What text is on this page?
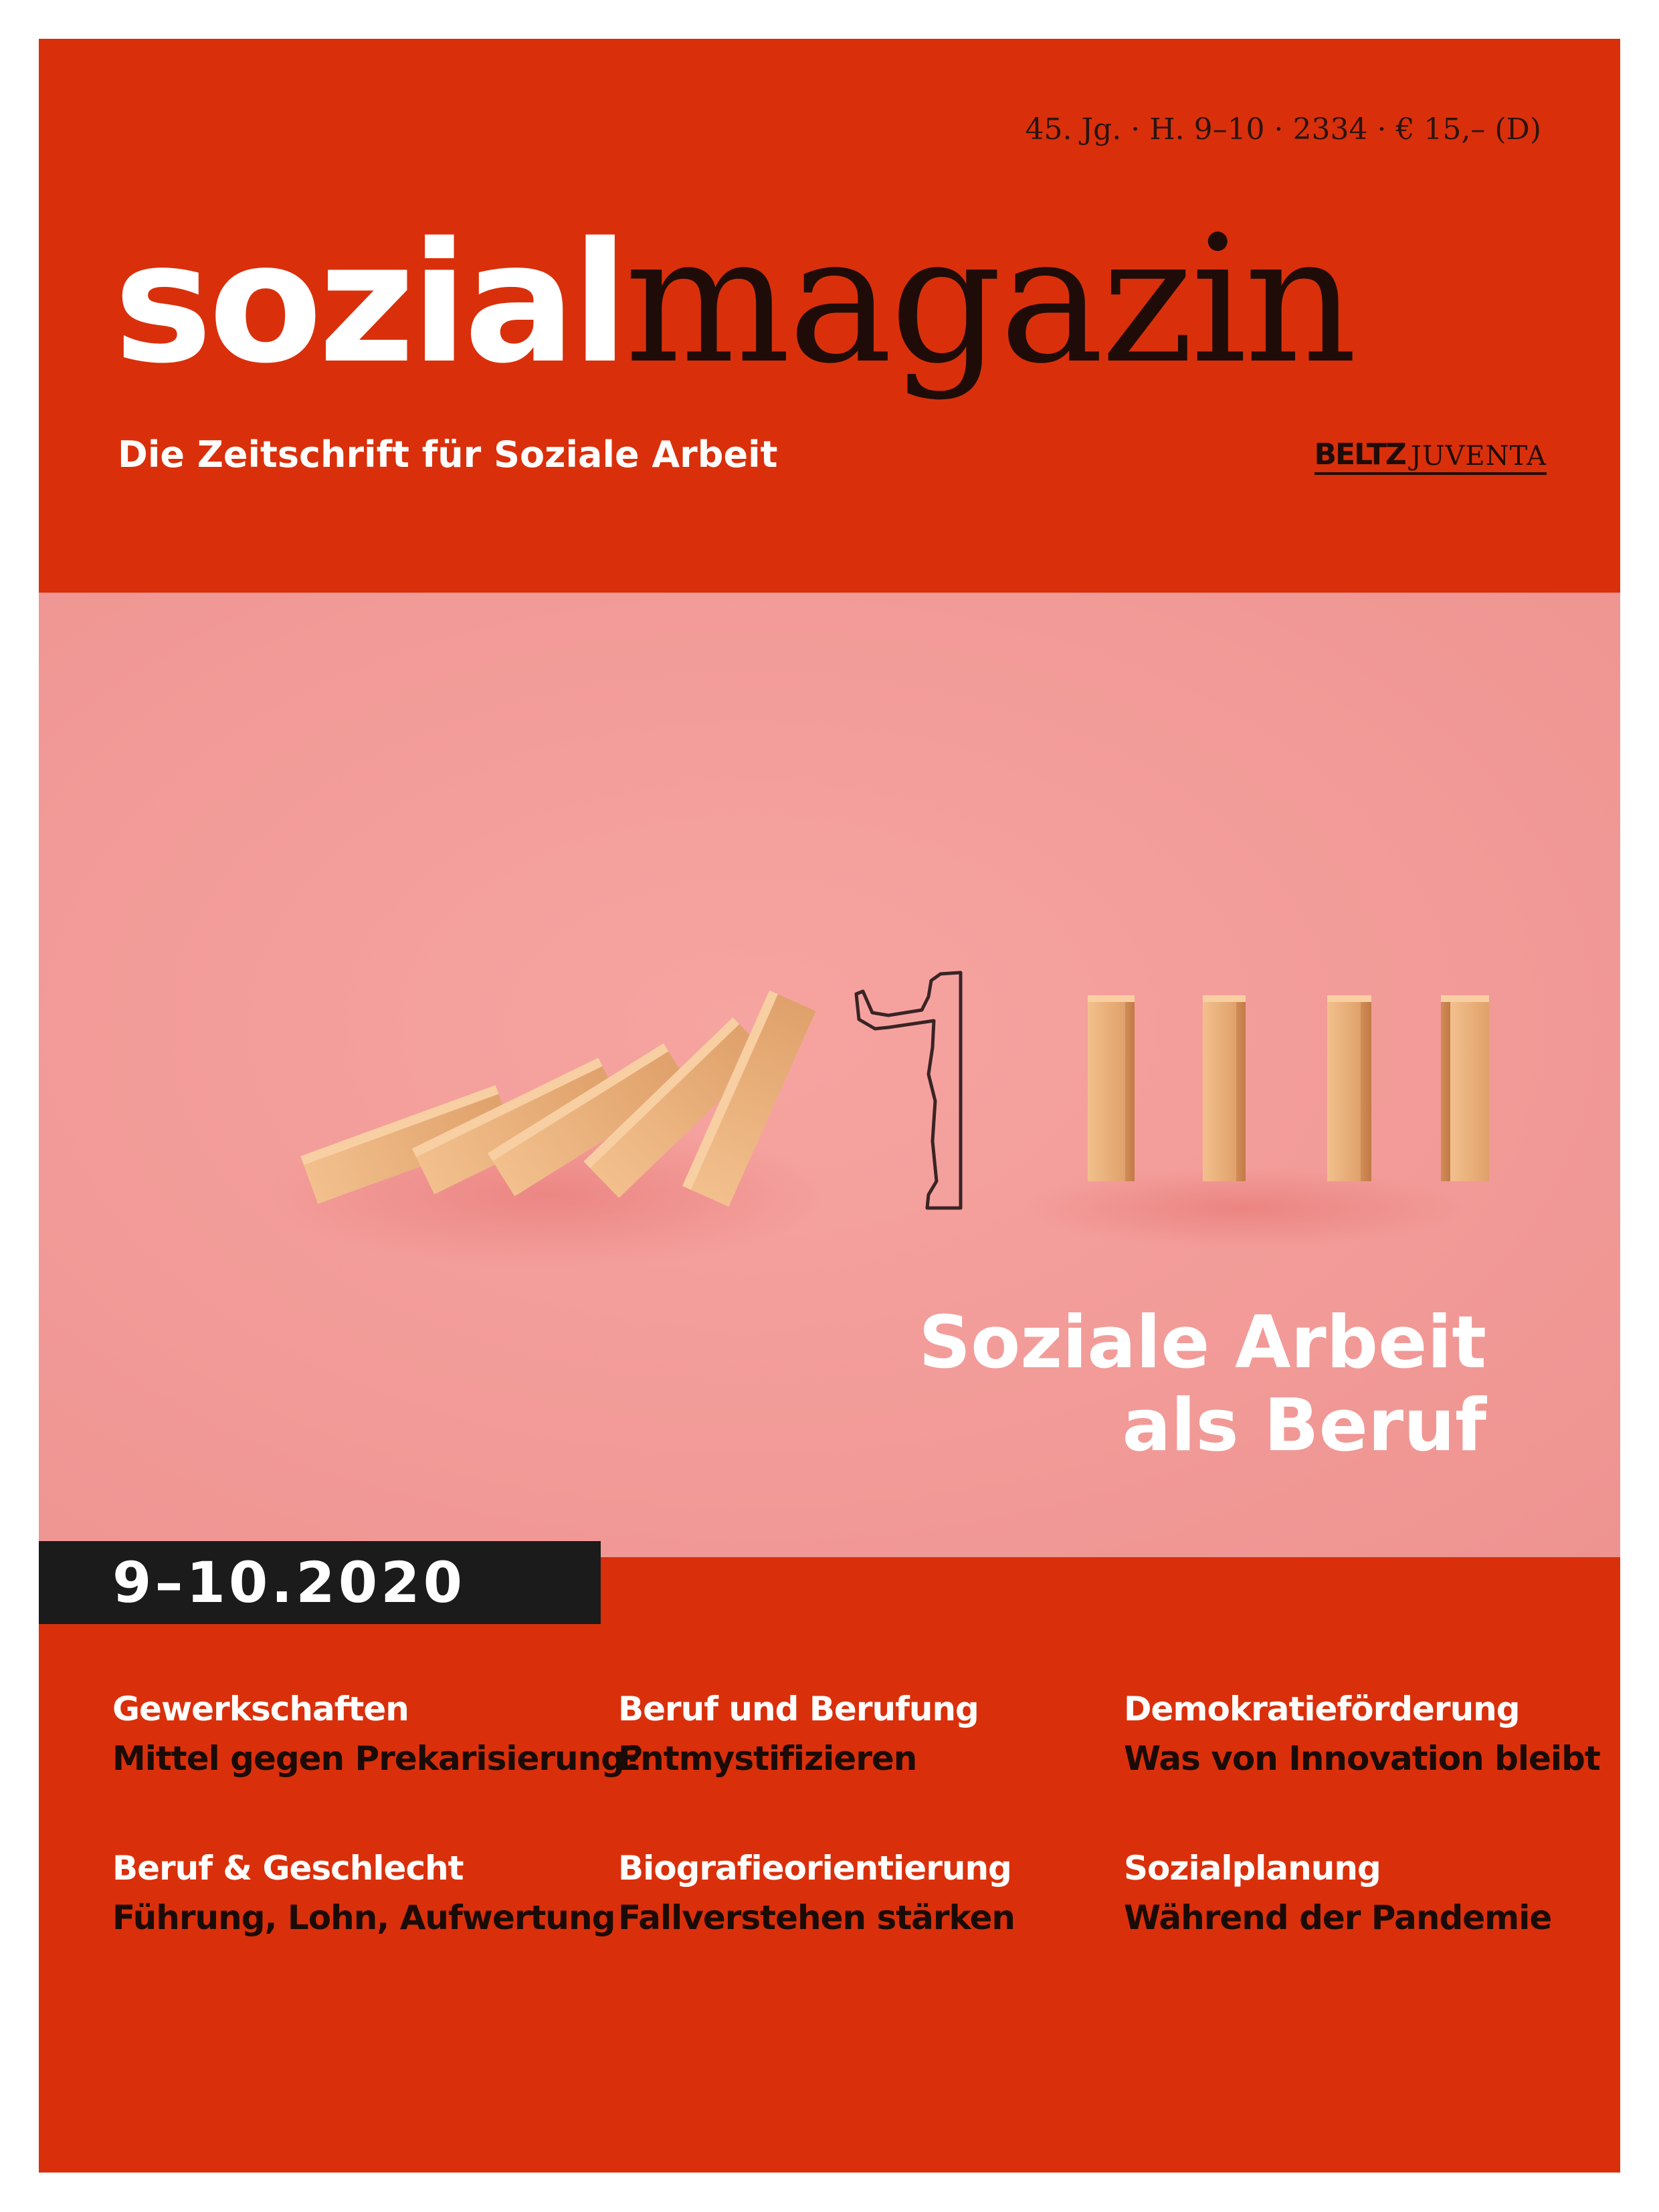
45. Jg. · H. 9–10 · 2334 · € 15,– (D)
sozialmagazin
Die Zeitschrift für Soziale Arbeit	BELTZ JUVENTA
Soziale Arbeit
als Beruf
9–10.2020
Gewerkschaften
Mittel gegen Prekarisierung?
Beruf und Berufung
Entmystifizieren
Demokratieförderung
Was von Innovation bleibt
Beruf & Geschlecht
Führung, Lohn, Aufwertung
Biografieorientierung
Fallverstehen stärken
Sozialplanung
Während der Pandemie
